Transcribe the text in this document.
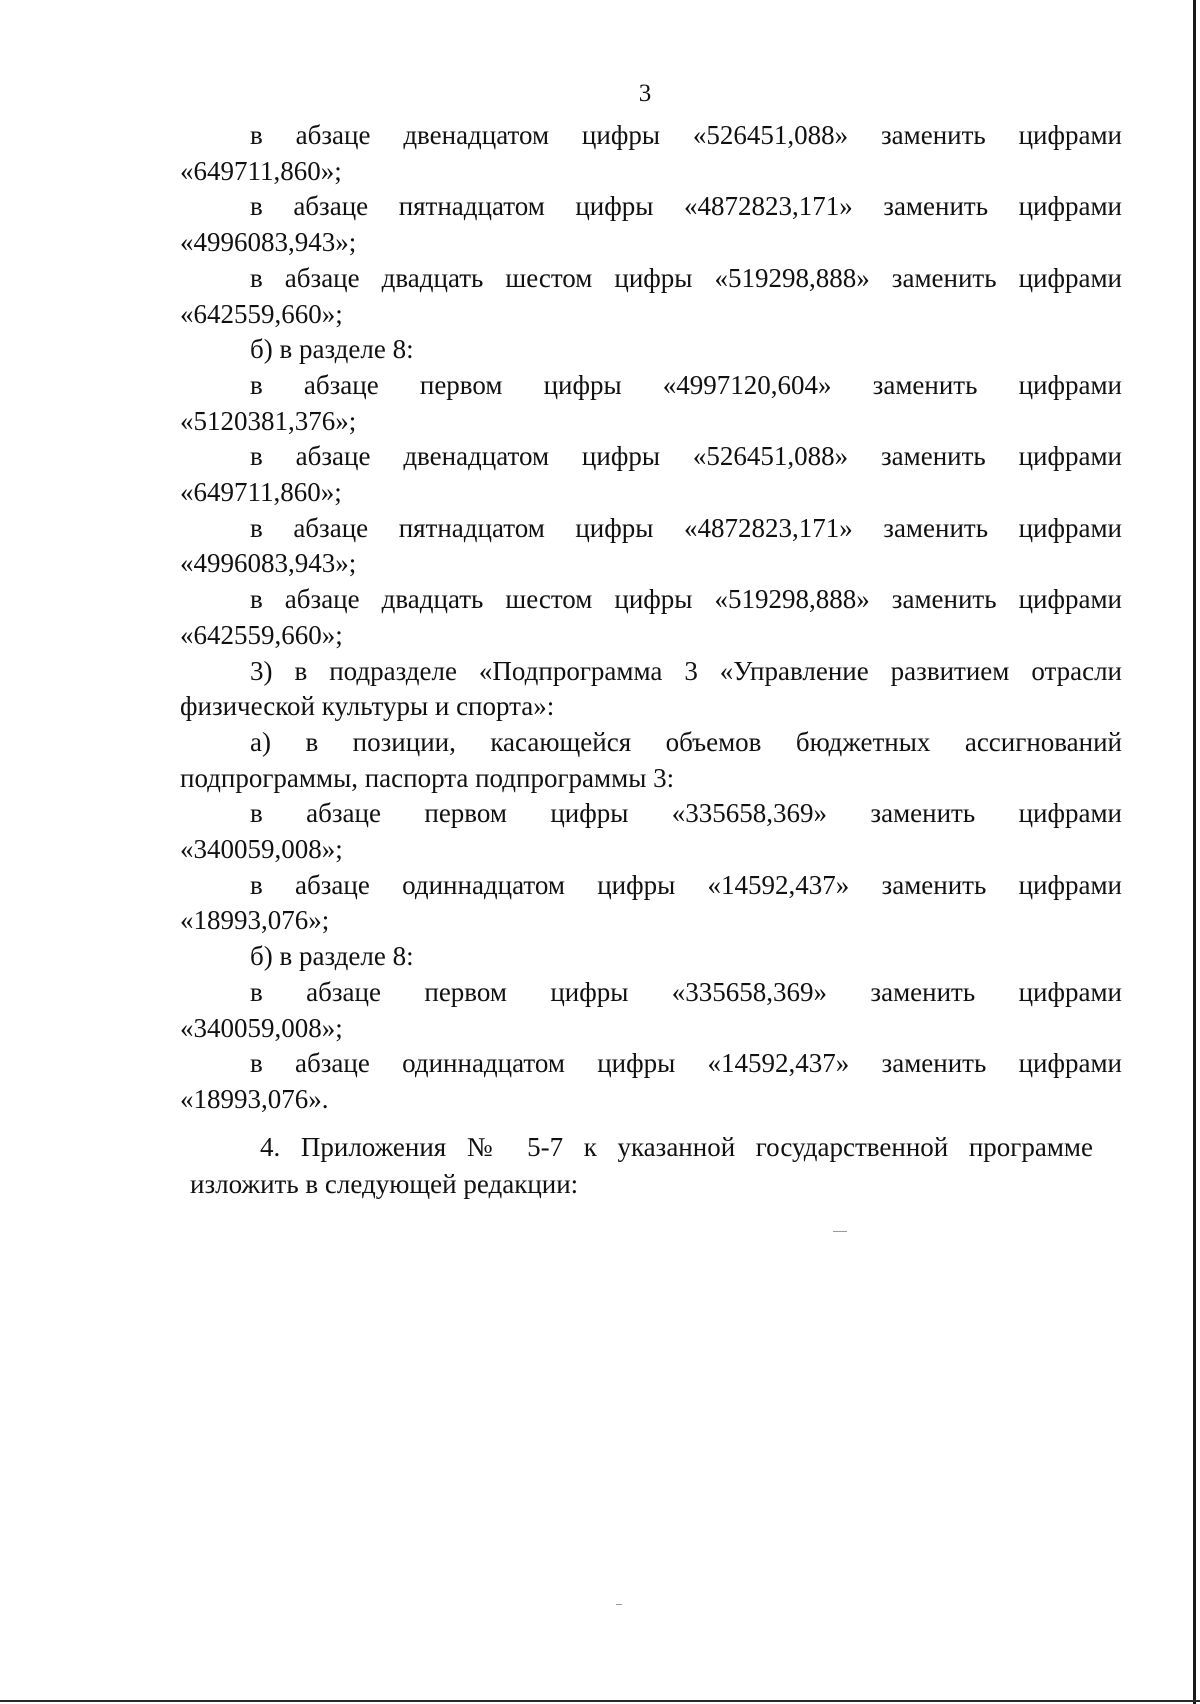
3

в абзаце двенадцатом цифры «526451,088» заменить цифрами

«649711,860»;

в абзаце пятнадцатом цифры «4872823,171» заменить цифрами

«4996083,943»;

в абзаце двадцать шестом цифры «519298,888» заменить цифрами

«642559,660»;

б) в разделе 8:

в абзаце первом цифры «4997120,604» заменить цифрами

«5120381,376»;

в абзаце двенадцатом цифры «526451,088» заменить цифрами

«649711,860»;

в абзаце пятнадцатом цифры «4872823,171» заменить цифрами

«4996083,943»;

в абзаце двадцать шестом цифры «519298,888» заменить цифрами

«642559,660»;

3) в подразделе «Подпрограмма 3 «Управление развитием отрасли

физической культуры и спорта»:

а) в позиции, касающейся объемов бюджетных ассигнований

подпрограммы, паспорта подпрограммы 3:

в абзаце первом цифры «335658,369» заменить цифрами

«340059,008»;

в абзаце одиннадцатом цифры «14592,437» заменить цифрами

«18993,076»;

б) в разделе 8:

в абзаце первом цифры «335658,369» заменить цифрами

«340059,008»;

в абзаце одиннадцатом цифры «14592,437» заменить цифрами

«18993,076».

4. Приложения № 5-7 к указанной государственной программе

изложить в следующей редакции:
